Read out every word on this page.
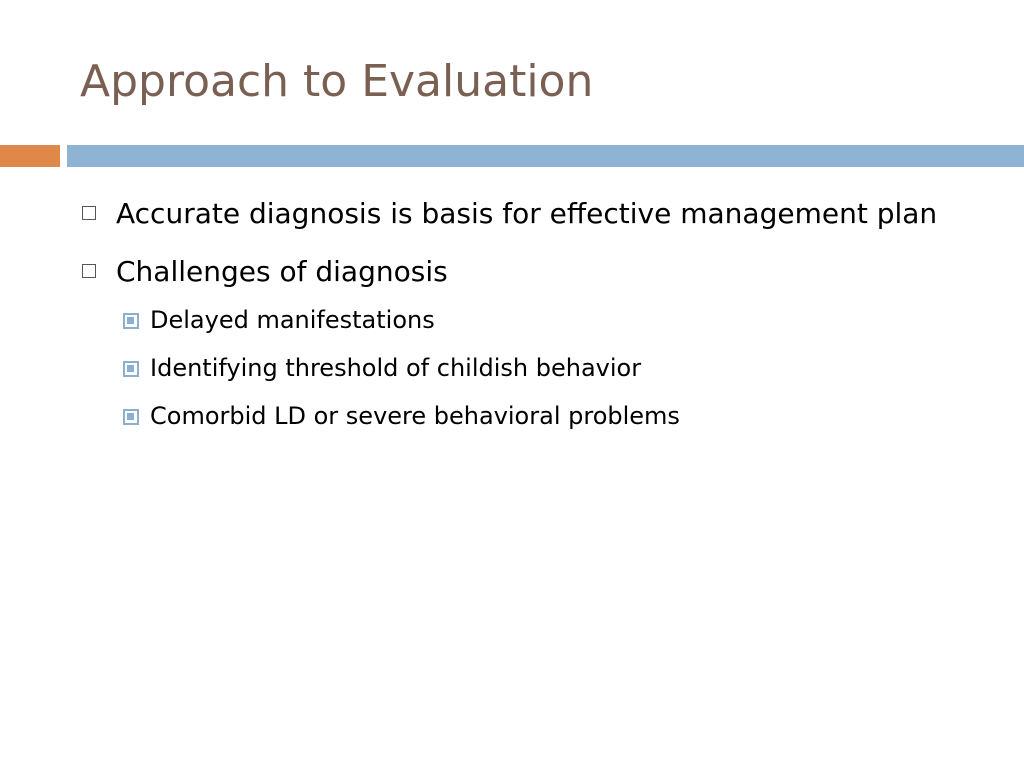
Approach to Evaluation
Accurate diagnosis is basis for effective management plan
Challenges of diagnosis
Delayed manifestations
Identifying threshold of childish behavior
Comorbid LD or severe behavioral problems
